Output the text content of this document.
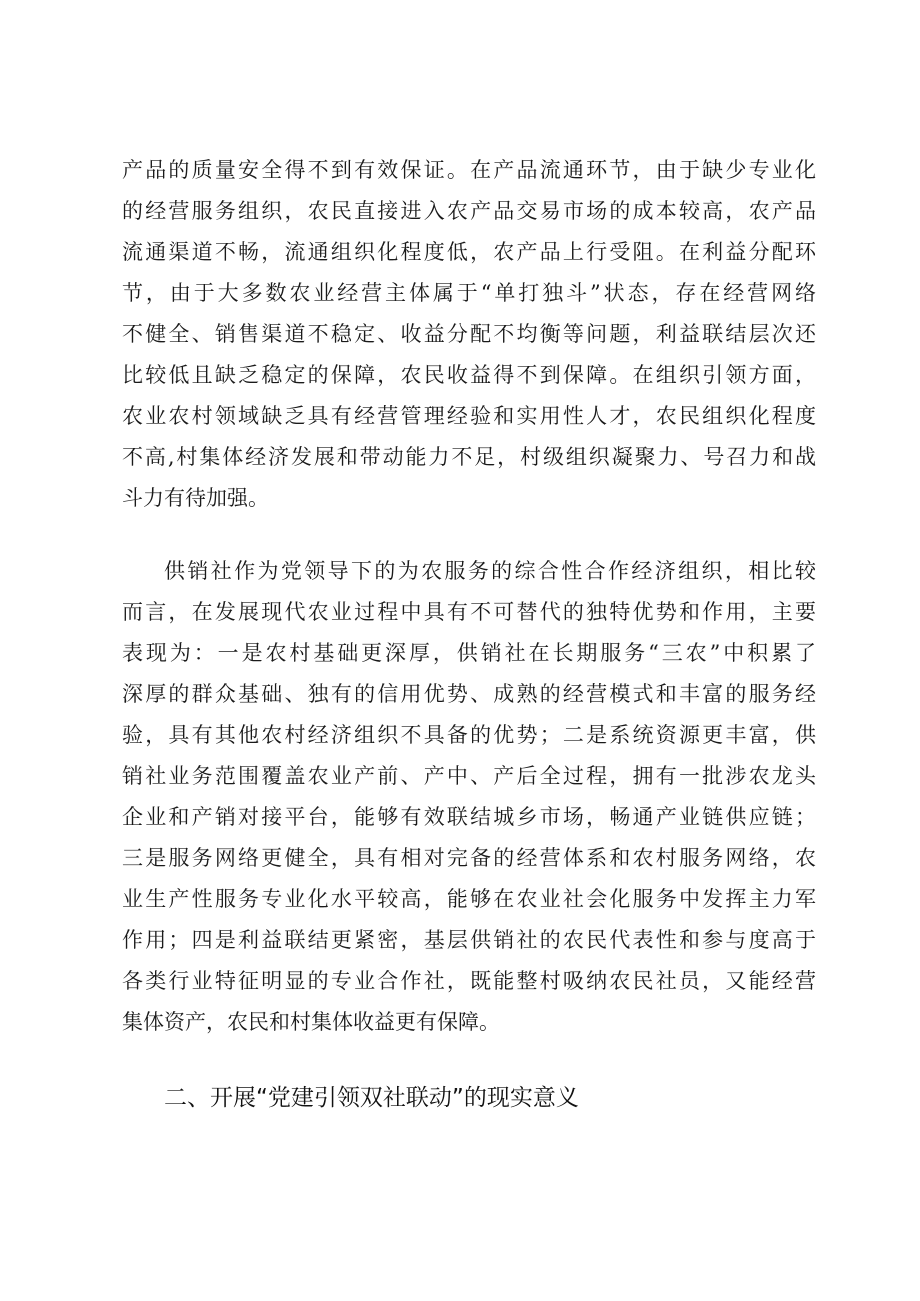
产品的质量安全得不到有效保证。在产品流通环节，由于缺少专业化
的经营服务组织，农民直接进入农产品交易市场的成本较高，农产品
流通渠道不畅，流通组织化程度低，农产品上行受阻。在利益分配环
节，由于大多数农业经营主体属于“单打独斗”状态，存在经营网络
不健全、销售渠道不稳定、收益分配不均衡等问题，利益联结层次还
比较低且缺乏稳定的保障，农民收益得不到保障。在组织引领方面，
农业农村领域缺乏具有经营管理经验和实用性人才，农民组织化程度
不高,村集体经济发展和带动能力不足，村级组织凝聚力、号召力和战
斗力有待加强。
供销社作为党领导下的为农服务的综合性合作经济组织，相比较
而言，在发展现代农业过程中具有不可替代的独特优势和作用，主要
表现为：一是农村基础更深厚，供销社在长期服务“三农”中积累了
深厚的群众基础、独有的信用优势、成熟的经营模式和丰富的服务经
验，具有其他农村经济组织不具备的优势；二是系统资源更丰富，供
销社业务范围覆盖农业产前、产中、产后全过程，拥有一批涉农龙头
企业和产销对接平台，能够有效联结城乡市场，畅通产业链供应链；
三是服务网络更健全，具有相对完备的经营体系和农村服务网络，农
业生产性服务专业化水平较高，能够在农业社会化服务中发挥主力军
作用；四是利益联结更紧密，基层供销社的农民代表性和参与度高于
各类行业特征明显的专业合作社，既能整村吸纳农民社员，又能经营
集体资产，农民和村集体收益更有保障。
二、开展“党建引领双社联动”的现实意义
